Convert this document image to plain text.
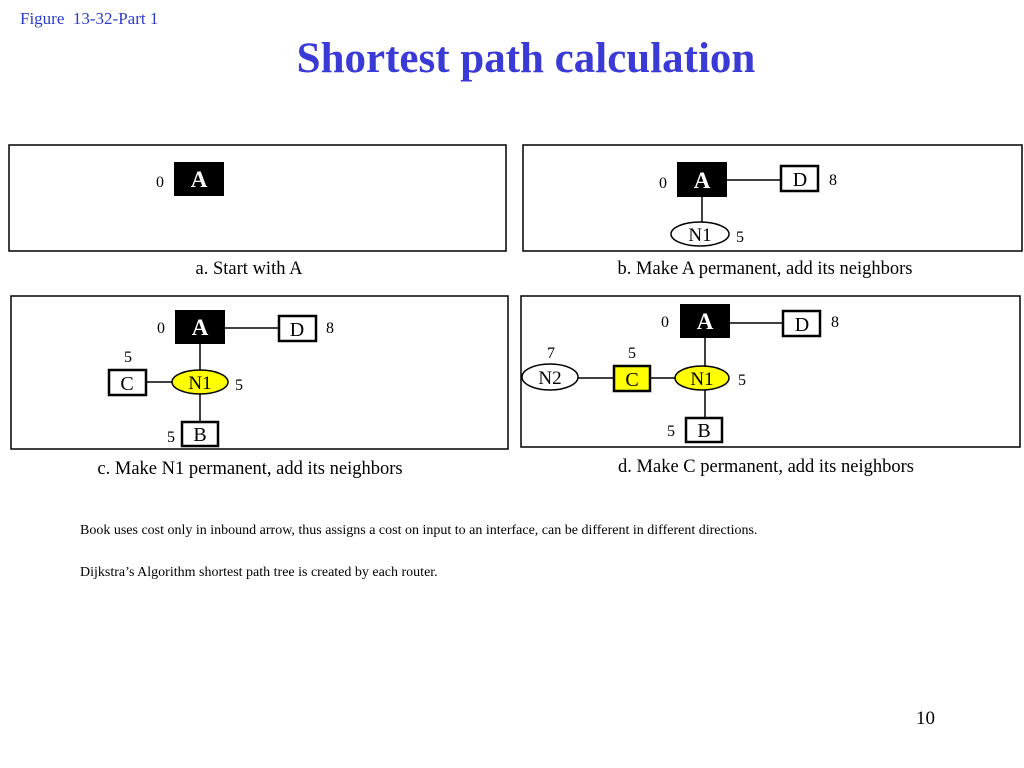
Figure  13-32-Part 1
Shortest path calculation
A
0
a. Start with A
A
0	D 8
N1 5
b. Make A permanent, add its neighbors
A
0	D 8
N1 5
C
5
B
5
c. Make N1 permanent, add its neighbors
A
0	D 8
N1 5
C
5
N2
7
B
5
d. Make C permanent, add its neighbors
Book uses cost only in inbound arrow, thus assigns a cost on input to an interface, can be different in different directions.
Dijkstra’s Algorithm shortest path tree is created by each router.
10
